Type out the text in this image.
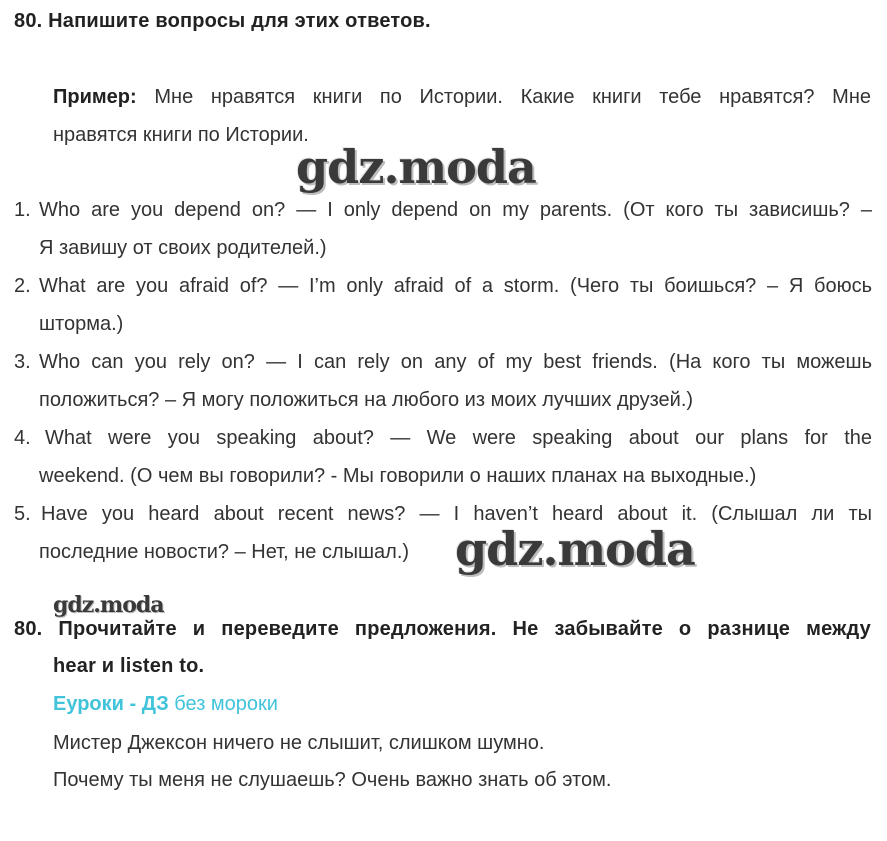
80. Напишите вопросы для этих ответов.
Пример: Мне нравятся книги по Истории. Какие книги тебе нравятся? Мне
нравятся книги по Истории.
gdz.moda
1. Who are you depend on? — I only depend on my parents. (От кого ты зависишь? –
Я завишу от своих родителей.)
2. What are you afraid of? — I’m only afraid of a storm. (Чего ты боишься? – Я боюсь
шторма.)
3. Who can you rely on? — I can rely on any of my best friends. (На кого ты можешь
положиться? – Я могу положиться на любого из моих лучших друзей.)
4. What were you speaking about? — We were speaking about our plans for the
weekend. (О чем вы говорили? - Мы говорили о наших планах на выходные.)
5. Have you heard about recent news? — I haven’t heard about it. (Слышал ли ты
последние новости? – Нет, не слышал.) gdz.moda
gdz.moda
80. Прочитайте и переведите предложения. Не забывайте о разнице между
hear и listen to.
Еуроки - ДЗ без мороки
Мистер Джексон ничего не слышит, слишком шумно.
Почему ты меня не слушаешь? Очень важно знать об этом.
